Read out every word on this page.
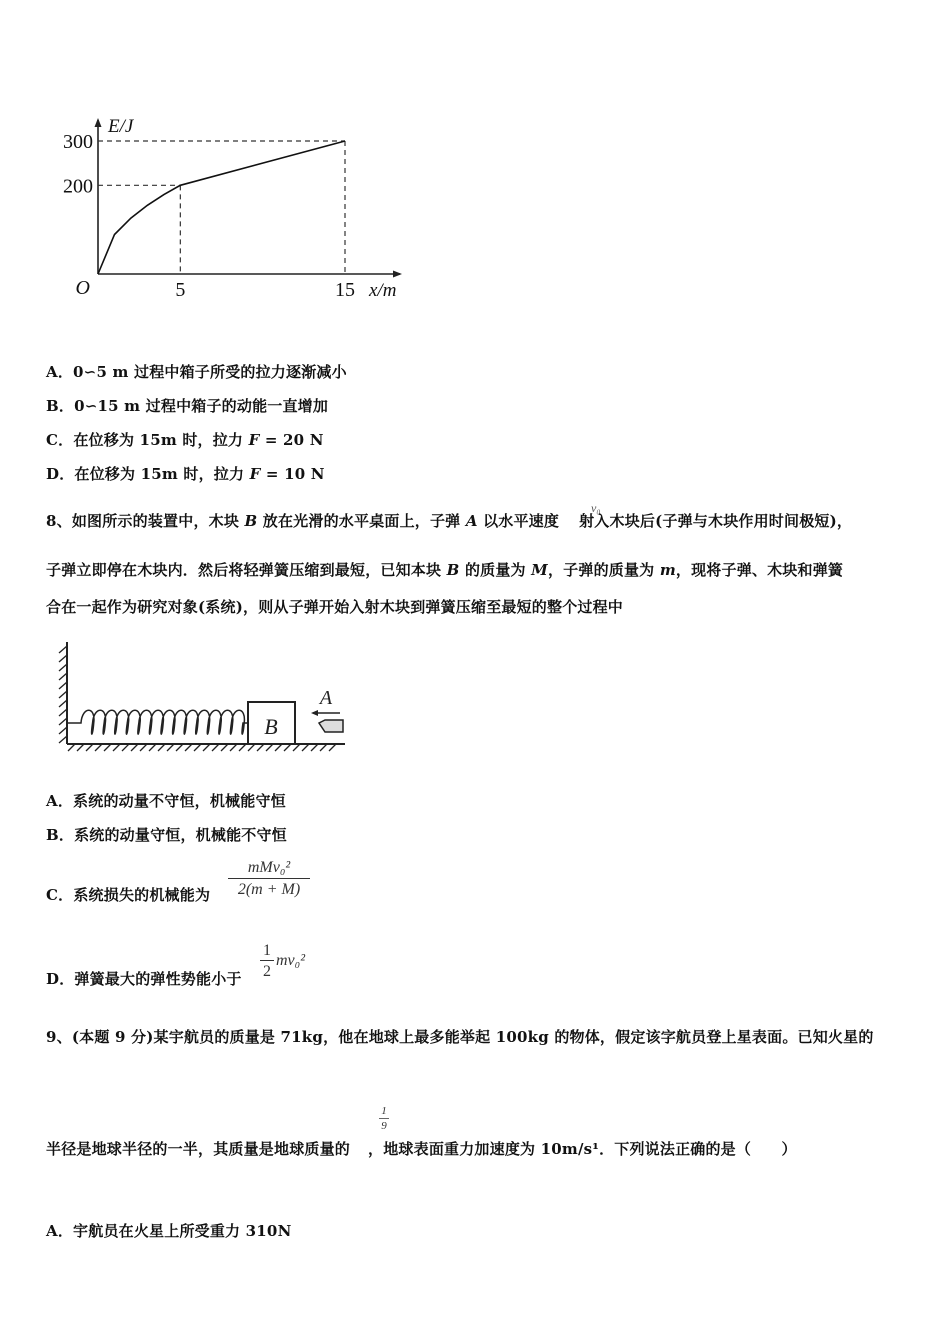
300
200
5	15
O
E/J
x/m
A．0∽5 m 过程中箱子所受的拉力逐渐减小
B．0∽15 m 过程中箱子的动能一直增加
C．在位移为 15m 时，拉力 F = 20 N
D．在位移为 15m 时，拉力 F = 10 N
8、如图所示的装置中，木块 B 放在光滑的水平桌面上，子弹 A 以水平速度 射入木块后(子弹与木块作用时间极短)，
v₀
子弹立即停在木块内．然后将轻弹簧压缩到最短，已知本块 B 的质量为 M，子弹的质量为 m，现将子弹、木块和弹簧
合在一起作为研究对象(系统)，则从子弹开始入射木块到弹簧压缩至最短的整个过程中
B
A
A．系统的动量不守恒，机械能守恒
B．系统的动量守恒，机械能不守恒
C．系统损失的机械能为
mMv₀²
2(m + M)
D．弹簧最大的弹性势能小于 $\frac{1}{2} mv_0^2$
9、(本题 9 分)某宇航员的质量是 71kg，他在地球上最多能举起 100kg 的物体，假定该字航员登上星表面。已知火星的
$\frac{1}{9}$
半径是地球半径的一半，其质量是地球质量的 ，地球表面重力加速度为 10m/s¹．下列说法正确的是（　　）
A．宇航员在火星上所受重力 310N
